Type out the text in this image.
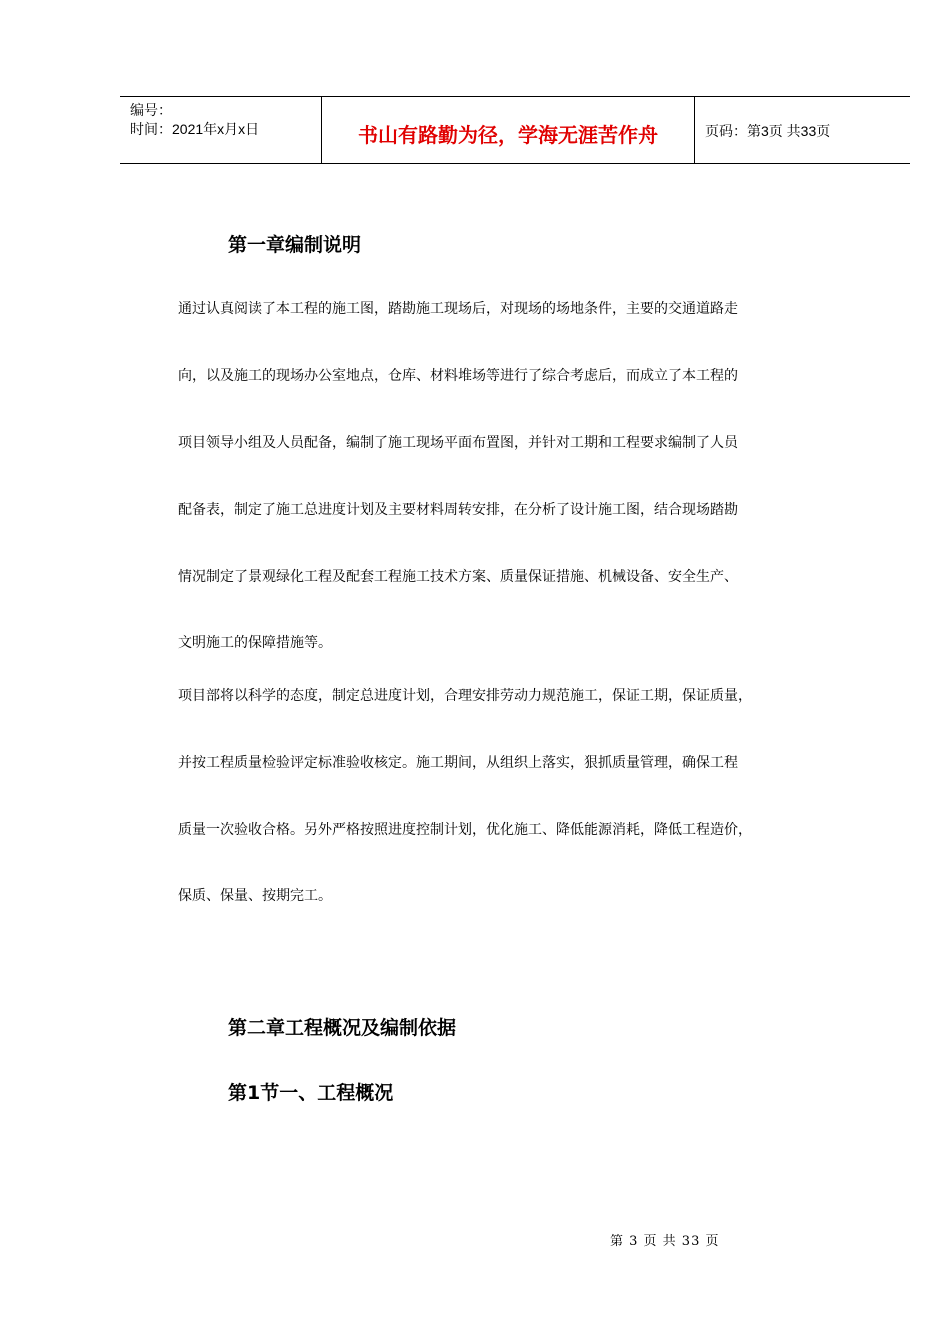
编号：
时间：2021年x月x日	书山有路勤为径，学海无涯苦作舟	页码：第3页 共33页
第一章编制说明
通过认真阅读了本工程的施工图，踏勘施工现场后，对现场的场地条件，主要的交通道路走
向，以及施工的现场办公室地点，仓库、材料堆场等进行了综合考虑后，而成立了本工程的
项目领导小组及人员配备，编制了施工现场平面布置图，并针对工期和工程要求编制了人员
配备表，制定了施工总进度计划及主要材料周转安排，在分析了设计施工图，结合现场踏勘
情况制定了景观绿化工程及配套工程施工技术方案、质量保证措施、机械设备、安全生产、
文明施工的保障措施等。
项目部将以科学的态度，制定总进度计划，合理安排劳动力规范施工，保证工期，保证质量，
并按工程质量检验评定标准验收核定。施工期间，从组织上落实，狠抓质量管理，确保工程
质量一次验收合格。另外严格按照进度控制计划，优化施工、降低能源消耗，降低工程造价，
保质、保量、按期完工。
第二章工程概况及编制依据
第1节一、工程概况
第 3 页 共 33 页
